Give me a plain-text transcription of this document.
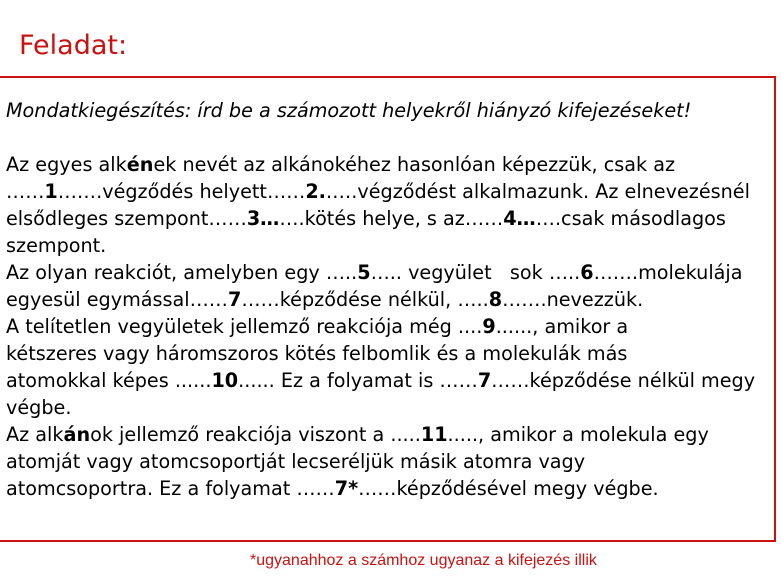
Feladat:
Mondatkiegészítés: írd be a számozott helyekről hiányzó kifejezéseket!
Az egyes alkének nevét az alkánokéhez hasonlóan képezzük, csak az
……1…….végződés helyett……2..….végződést alkalmazunk. Az elnevezésnél
elsődleges szempont……3…….kötés helye, s az……4…….csak másodlagos
szempont.
Az olyan reakciót, amelyben egy …..5….. vegyület   sok …..6…….molekulája
egyesül egymással……7……képződése nélkül, …..8…….nevezzük.
A telítetlen vegyületek jellemző reakciója még ....9......, amikor a
kétszeres vagy háromszoros kötés felbomlik és a molekulák más
atomokkal képes ......10...... Ez a folyamat is ……7……képződése nélkül megy
végbe.
Az alkánok jellemző reakciója viszont a .....11....., amikor a molekula egy
atomját vagy atomcsoportját lecseréljük másik atomra vagy
atomcsoportra. Ez a folyamat ……7*……képződésével megy végbe.
*ugyanahhoz a számhoz ugyanaz a kifejezés illik
